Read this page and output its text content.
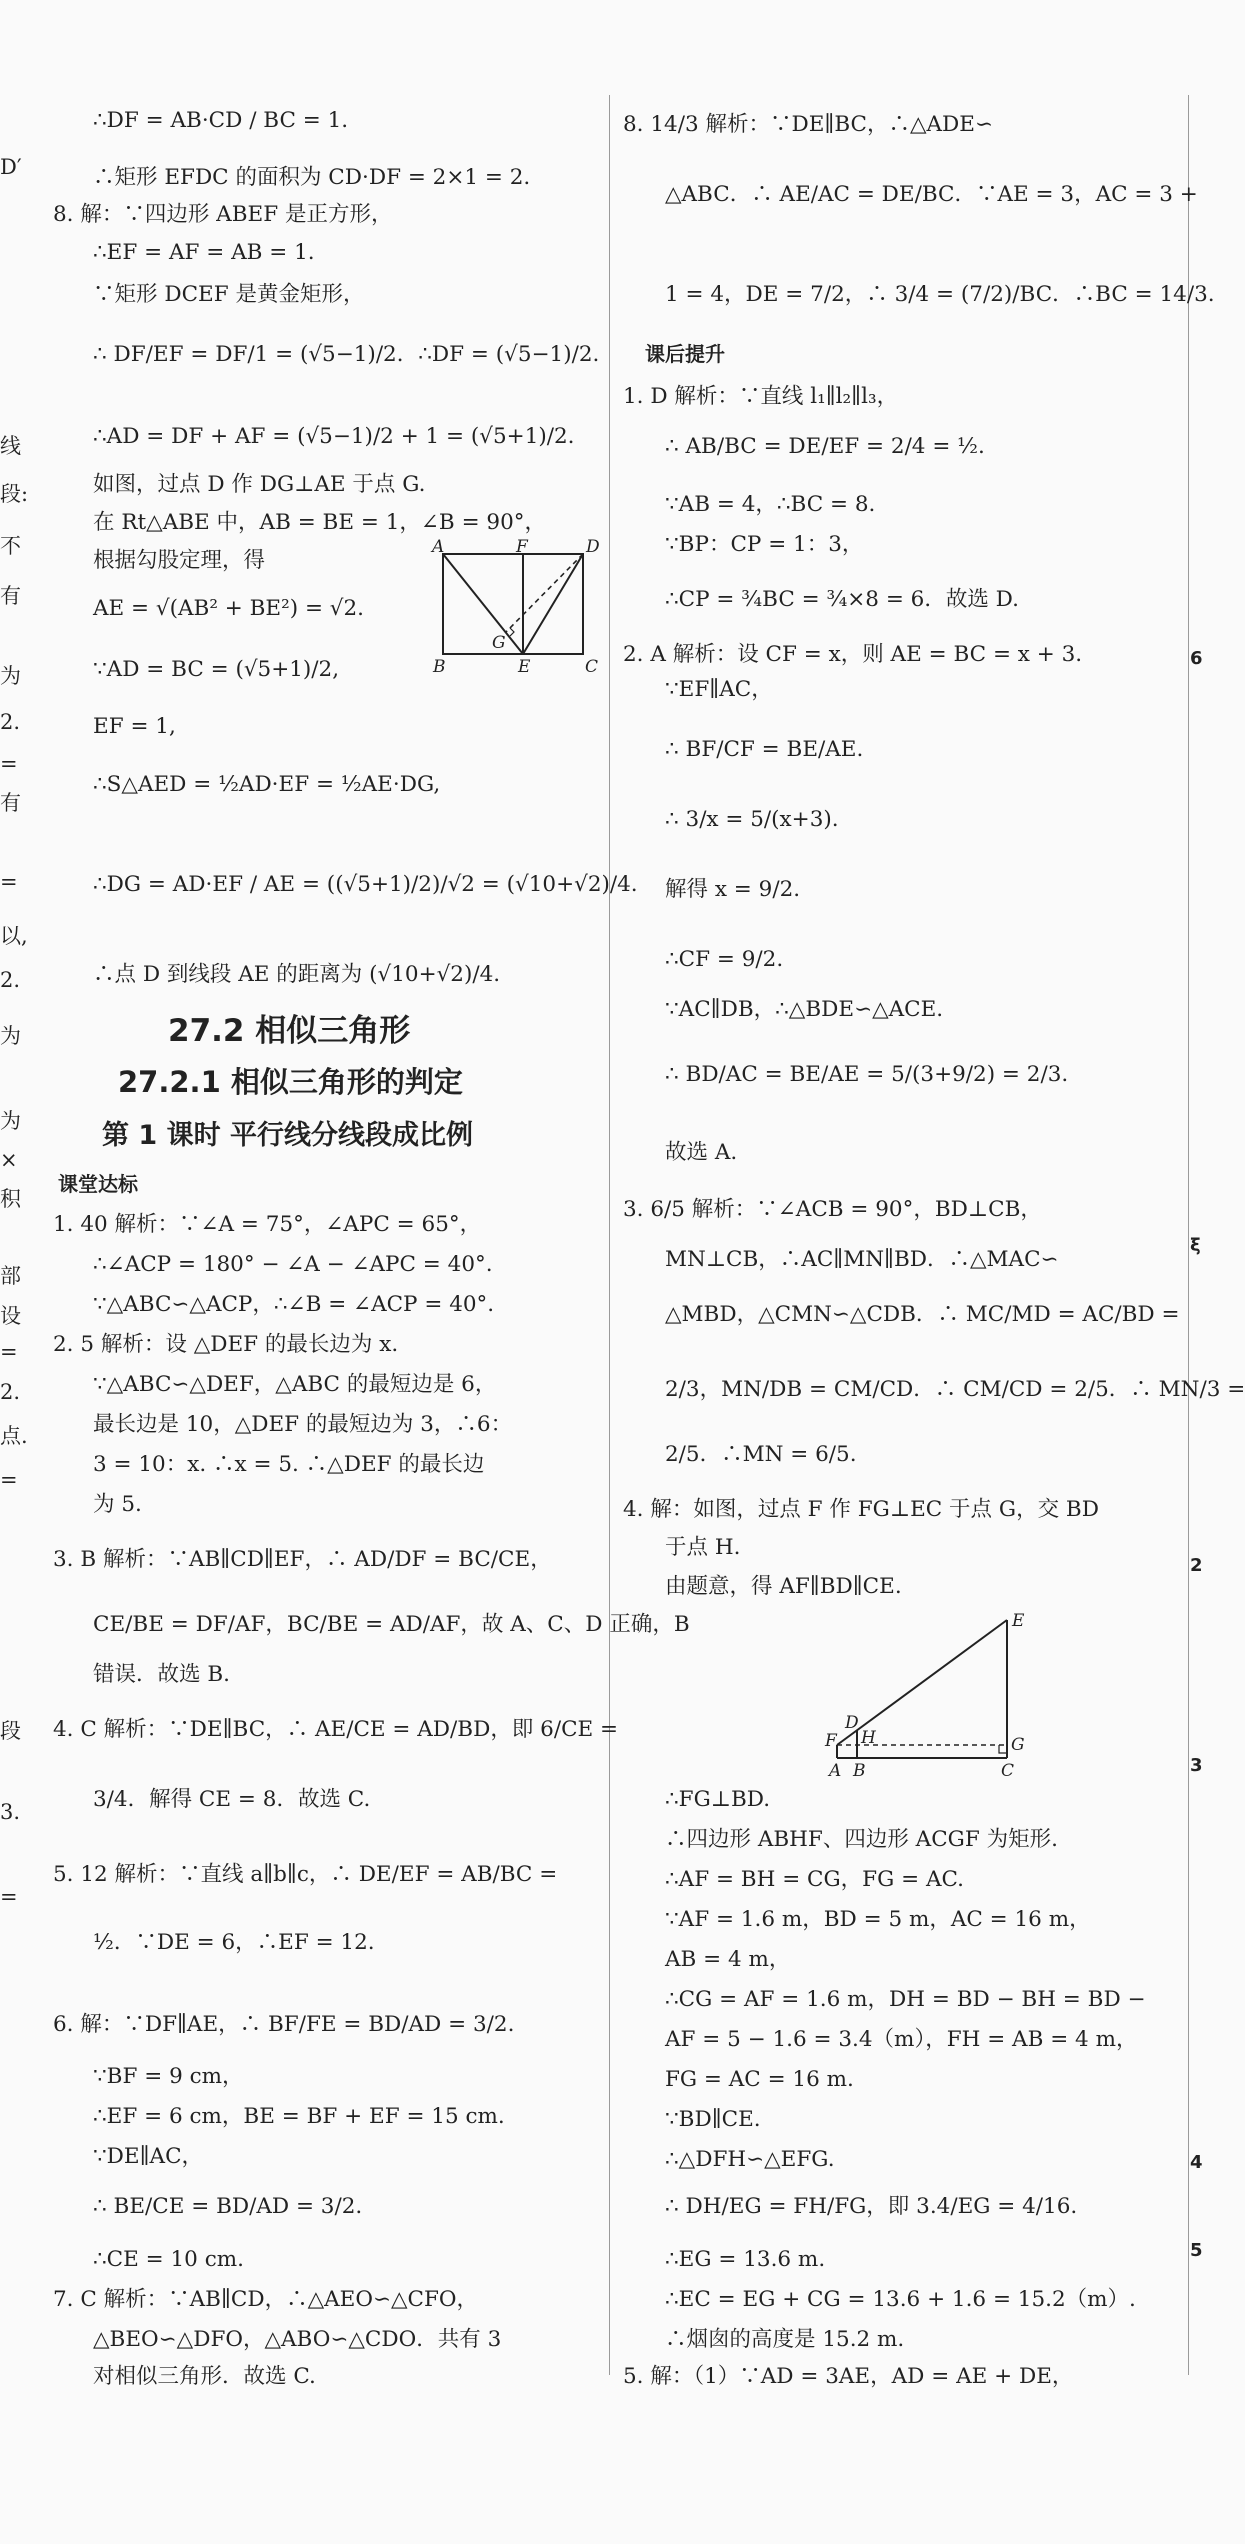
D′
线
段:
不
有
为
2.
=
有
=
以,
2.
为
为
×
积
部
设
=
2.
点.
=
段
3.
=
6
ξ
2
3
4
5
∴DF = AB·CD / BC = 1.
∴矩形 EFDC 的面积为 CD·DF = 2×1 = 2.
8. 解：∵四边形 ABEF 是正方形，
∴EF = AF = AB = 1.
∵矩形 DCEF 是黄金矩形，
∴ DF/EF = DF/1 = (√5−1)/2．∴DF = (√5−1)/2.
∴AD = DF + AF = (√5−1)/2 + 1 = (√5+1)/2.
如图，过点 D 作 DG⊥AE 于点 G.
在 Rt△ABE 中，AB = BE = 1，∠B = 90°，
根据勾股定理，得
AE = √(AB² + BE²) = √2.
∵AD = BC = (√5+1)/2,
EF = 1,
∴S△AED = ½AD·EF = ½AE·DG,
∴DG = AD·EF / AE = ((√5+1)/2)/√2 = (√10+√2)/4.
∴点 D 到线段 AE 的距离为 (√10+√2)/4.
A	F	D
G
B	E	C
27.2 相似三角形
27.2.1 相似三角形的判定
第 1 课时 平行线分线段成比例
课堂达标
1. 40 解析：∵∠A = 75°，∠APC = 65°，
∴∠ACP = 180° − ∠A − ∠APC = 40°.
∵△ABC∽△ACP，∴∠B = ∠ACP = 40°.
2. 5 解析：设 △DEF 的最长边为 x.
∵△ABC∽△DEF，△ABC 的最短边是 6，
最长边是 10，△DEF 的最短边为 3，∴6：
3 = 10：x. ∴x = 5. ∴△DEF 的最长边
为 5.
3. B 解析：∵AB∥CD∥EF，∴ AD/DF = BC/CE，
CE/BE = DF/AF，BC/BE = AD/AF，故 A、C、D 正确，B
错误．故选 B.
4. C 解析：∵DE∥BC，∴ AE/CE = AD/BD，即 6/CE =
3/4．解得 CE = 8．故选 C.
5. 12 解析：∵直线 a∥b∥c，∴ DE/EF = AB/BC =
½．∵DE = 6，∴EF = 12.
6. 解：∵DF∥AE，∴ BF/FE = BD/AD = 3/2.
∵BF = 9 cm，
∴EF = 6 cm，BE = BF + EF = 15 cm.
∵DE∥AC，
∴ BE/CE = BD/AD = 3/2.
∴CE = 10 cm.
7. C 解析：∵AB∥CD，∴△AEO∽△CFO，
△BEO∽△DFO，△ABO∽△CDO．共有 3
对相似三角形．故选 C.
8. 14/3 解析：∵DE∥BC，∴△ADE∽
△ABC．∴ AE/AC = DE/BC．∵AE = 3，AC = 3 +
1 = 4，DE = 7/2，∴ 3/4 = (7/2)/BC．∴BC = 14/3.
课后提升
1. D 解析：∵直线 l₁∥l₂∥l₃，
∴ AB/BC = DE/EF = 2/4 = ½.
∵AB = 4，∴BC = 8.
∵BP：CP = 1：3，
∴CP = ¾BC = ¾×8 = 6．故选 D.
2. A 解析：设 CF = x，则 AE = BC = x + 3.
∵EF∥AC，
∴ BF/CF = BE/AE.
∴ 3/x = 5/(x+3).
解得 x = 9/2.
∴CF = 9/2.
∵AC∥DB，∴△BDE∽△ACE.
∴ BD/AC = BE/AE = 5/(3+9/2) = 2/3.
故选 A.
3. 6/5 解析：∵∠ACB = 90°，BD⊥CB，
MN⊥CB，∴AC∥MN∥BD．∴△MAC∽
△MBD，△CMN∽△CDB．∴ MC/MD = AC/BD =
2/3，MN/DB = CM/CD．∴ CM/CD = 2/5．∴ MN/3 =
2/5．∴MN = 6/5.
4. 解：如图，过点 F 作 FG⊥EC 于点 G，交 BD
于点 H.
由题意，得 AF∥BD∥CE.
E
D
F H	G
A B	C
∴FG⊥BD.
∴四边形 ABHF、四边形 ACGF 为矩形.
∴AF = BH = CG，FG = AC.
∵AF = 1.6 m，BD = 5 m，AC = 16 m，
AB = 4 m，
∴CG = AF = 1.6 m，DH = BD − BH = BD −
AF = 5 − 1.6 = 3.4（m），FH = AB = 4 m，
FG = AC = 16 m.
∵BD∥CE.
∴△DFH∽△EFG.
∴ DH/EG = FH/FG，即 3.4/EG = 4/16.
∴EG = 13.6 m.
∴EC = EG + CG = 13.6 + 1.6 = 15.2（m）.
∴烟囱的高度是 15.2 m.
5. 解：（1）∵AD = 3AE，AD = AE + DE，
